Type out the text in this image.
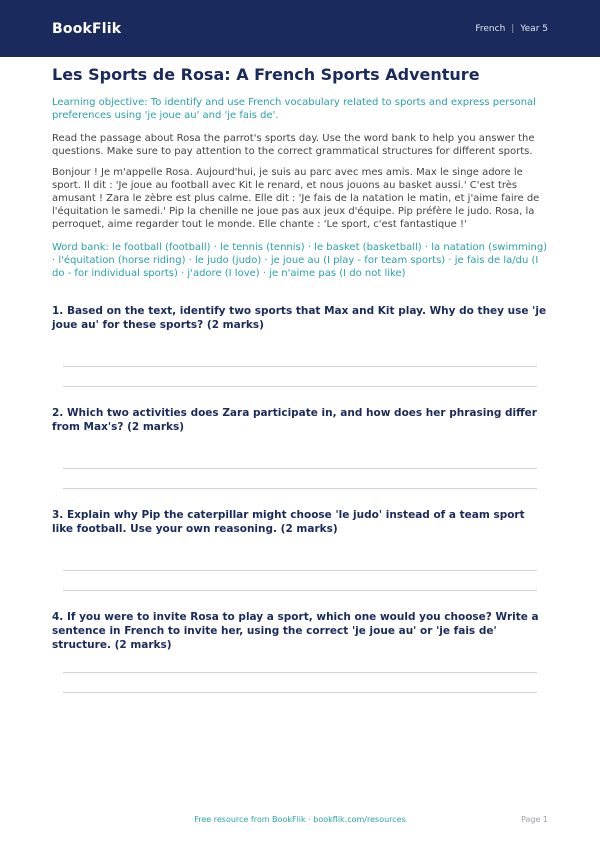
BookFlik	French | Year 5
Les Sports de Rosa: A French Sports Adventure

Learning objective: To identify and use French vocabulary related to sports and express personal preferences using 'je joue au' and 'je fais de'.

Read the passage about Rosa the parrot's sports day. Use the word bank to help you answer the questions. Make sure to pay attention to the correct grammatical structures for different sports.

Bonjour ! Je m'appelle Rosa. Aujourd'hui, je suis au parc avec mes amis. Max le singe adore le sport. Il dit : 'Je joue au football avec Kit le renard, et nous jouons au basket aussi.' C'est très amusant ! Zara le zèbre est plus calme. Elle dit : 'Je fais de la natation le matin, et j'aime faire de l'équitation le samedi.' Pip la chenille ne joue pas aux jeux d'équipe. Pip préfère le judo. Rosa, la perroquet, aime regarder tout le monde. Elle chante : 'Le sport, c'est fantastique !'

Word bank: le football (football) · le tennis (tennis) · le basket (basketball) · la natation (swimming) · l'équitation (horse riding) · le judo (judo) · je joue au (I play - for team sports) · je fais de la/du (I do - for individual sports) · j'adore (I love) · je n'aime pas (I do not like)

1. Based on the text, identify two sports that Max and Kit play. Why do they use 'je joue au' for these sports? (2 marks)

2. Which two activities does Zara participate in, and how does her phrasing differ from Max's? (2 marks)

3. Explain why Pip the caterpillar might choose 'le judo' instead of a team sport like football. Use your own reasoning. (2 marks)

4. If you were to invite Rosa to play a sport, which one would you choose? Write a sentence in French to invite her, using the correct 'je joue au' or 'je fais de' structure. (2 marks)

Free resource from BookFlik · bookflik.com/resources	Page 1
